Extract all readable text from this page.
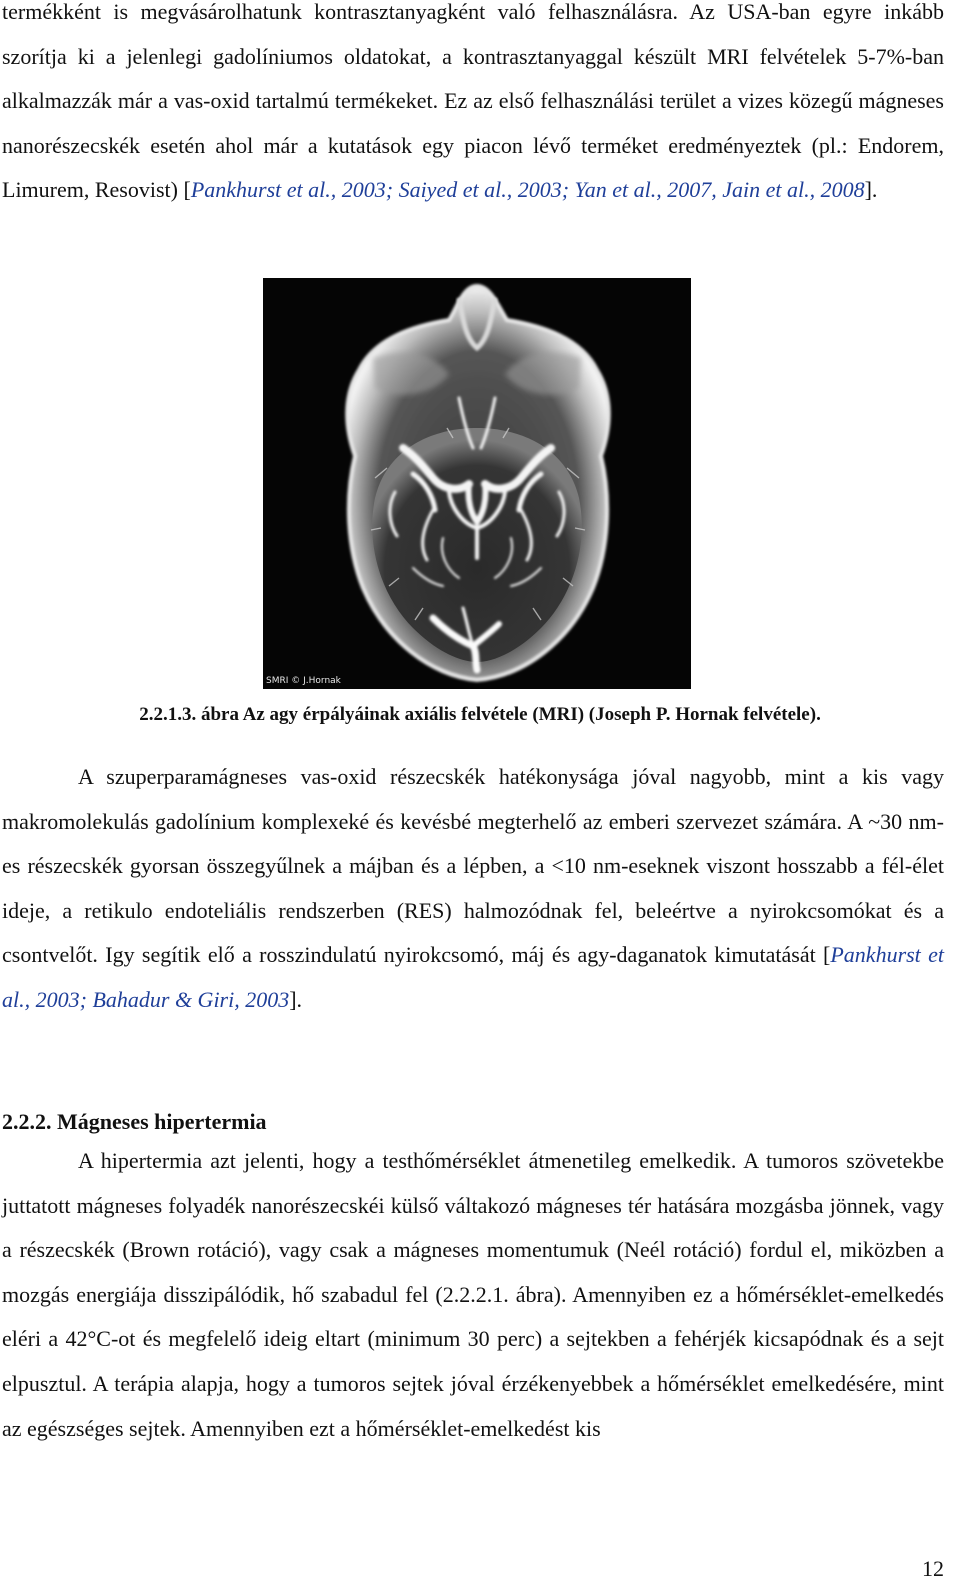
termékként is megvásárolhatunk kontrasztanyagként való felhasználásra. Az USA-ban egyre inkább szorítja ki a jelenlegi gadolíniumos oldatokat, a kontrasztanyaggal készült MRI felvételek 5-7%-ban alkalmazzák már a vas-oxid tartalmú termékeket. Ez az első felhasználási terület a vizes közegű mágneses nanorészecskék esetén ahol már a kutatások egy piacon lévő terméket eredményeztek (pl.: Endorem, Limurem, Resovist) [Pankhurst et al., 2003; Saiyed et al., 2003; Yan et al., 2007, Jain et al., 2008].

SMRI © J.Hornak

2.2.1.3. ábra Az agy érpályáinak axiális felvétele (MRI) (Joseph P. Hornak felvétele).

A szuperparamágneses vas-oxid részecskék hatékonysága jóval nagyobb, mint a kis vagy makromolekulás gadolínium komplexeké és kevésbé megterhelő az emberi szervezet számára. A ~30 nm-es részecskék gyorsan összegyűlnek a májban és a lépben, a <10 nm-eseknek viszont hosszabb a fél-élet ideje, a retikulo endoteliális rendszerben (RES) halmozódnak fel, beleértve a nyirokcsomókat és a csontvelőt. Igy segítik elő a rosszindulatú nyirokcsomó, máj és agy-daganatok kimutatását [Pankhurst et al., 2003; Bahadur & Giri, 2003].

2.2.2. Mágneses hipertermia

A hipertermia azt jelenti, hogy a testhőmérséklet átmenetileg emelkedik. A tumoros szövetekbe juttatott mágneses folyadék nanorészecskéi külső váltakozó mágneses tér hatására mozgásba jönnek, vagy a részecskék (Brown rotáció), vagy csak a mágneses momentumuk (Neél rotáció) fordul el, miközben a mozgás energiája disszipálódik, hő szabadul fel (2.2.2.1. ábra). Amennyiben ez a hőmérséklet-emelkedés eléri a 42°C-ot és megfelelő ideig eltart (minimum 30 perc) a sejtekben a fehérjék kicsapódnak és a sejt elpusztul. A terápia alapja, hogy a tumoros sejtek jóval érzékenyebbek a hőmérséklet emelkedésére, mint az egészséges sejtek. Amennyiben ezt a hőmérséklet-emelkedést kis

12
